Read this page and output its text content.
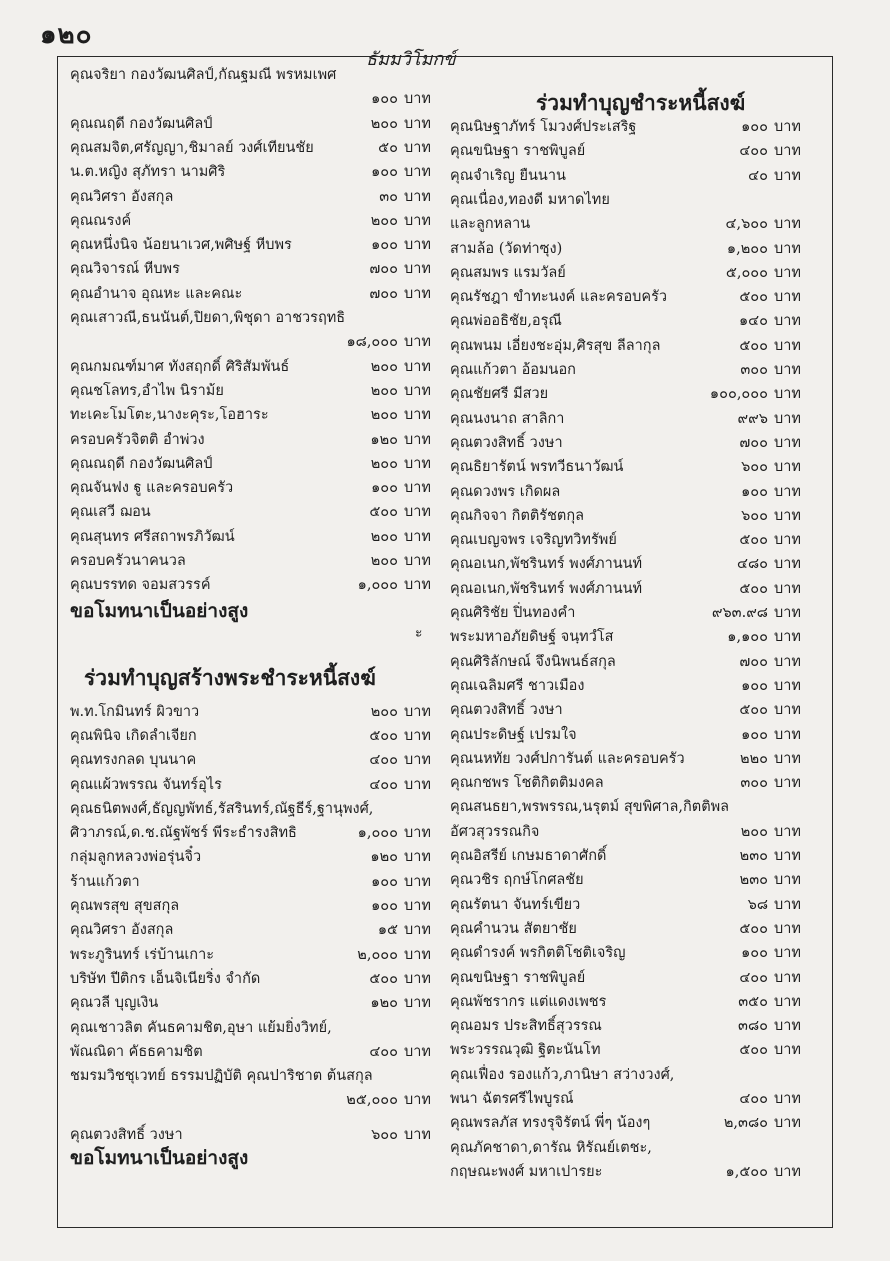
๑๒๐
ธัมมวิโมกข์
คุณจริยา กองวัฒนศิลป์,กัณฐมณี พรหมเพศ
๑๐๐ บาท
คุณณฤดี กองวัฒนศิลป์	๒๐๐ บาท
คุณสมจิต,ศรัญญา,ชิมาลย์ วงศ์เทียนชัย	๕๐ บาท
น.ต.หญิง สุภัทรา นามศิริ	๑๐๐ บาท
คุณวิศรา อังสกุล	๓๐ บาท
คุณณรงค์	๒๐๐ บาท
คุณหนึ่งนิจ น้อยนาเวศ,พศิษฐ์ หีบพร	๑๐๐ บาท
คุณวิจารณ์ หีบพร	๗๐๐ บาท
คุณอำนาจ อุณหะ และคณะ	๗๐๐ บาท
คุณเสาวณี,ธนนันต์,ปิยดา,พิชุดา อาชวรฤทธิ
๑๘,๐๐๐ บาท
คุณกมณฑ์มาศ ทังสฤกดิ์ ศิริสัมพันธ์	๒๐๐ บาท
คุณชโลทร,อำไพ นิราม้ย	๒๐๐ บาท
ทะเคะโมโตะ,นางะคุระ,โอฮาระ	๒๐๐ บาท
ครอบครัวจิตติ อำพ่วง	๑๒๐ บาท
คุณณฤดี กองวัฒนศิลป์	๒๐๐ บาท
คุณจันฟง ฐู และครอบครัว	๑๐๐ บาท
คุณเสวี ฌอน	๕๐๐ บาท
คุณสุนทร ศรีสถาพรภิวัฒน์	๒๐๐ บาท
ครอบครัวนาคนวล	๒๐๐ บาท
คุณบรรทด จอมสวรรค์	๑,๐๐๐ บาท
ขอโมทนาเป็นอย่างสูง
ะ
ร่วมทำบุญสร้างพระชำระหนี้สงฆ์
พ.ท.โกมินทร์ ผิวขาว	๒๐๐ บาท
คุณพินิจ เกิดลำเจียก	๕๐๐ บาท
คุณทรงกลด บุนนาค	๔๐๐ บาท
คุณแผ้วพรรณ จันทร์อุไร	๔๐๐ บาท
คุณธนิตพงศ์,ธัญญพัทธ์,รัสรินทร์,ณัฐธีร์,ฐานุพงศ์,
ศิวาภรณ์,ด.ช.ณัฐพัชร์ พีระธำรงสิทธิ	๑,๐๐๐ บาท
กลุ่มลูกหลวงพ่อรุ่นจิ๋ว	๑๒๐ บาท
ร้านแก้วตา	๑๐๐ บาท
คุณพรสุข สุขสกุล	๑๐๐ บาท
คุณวิศรา อังสกุล	๑๕ บาท
พระภูรินทร์ เร่บ้านเกาะ	๒,๐๐๐ บาท
บริษัท ปีติกร เอ็นจิเนียริ่ง จำกัด	๕๐๐ บาท
คุณวลี บุญเงิน	๑๒๐ บาท
คุณเชาวลิต คันธคามชิต,อุษา แย้มยิ่งวิทย์,
พัณณิดา คัธธคามชิต	๔๐๐ บาท
ชมรมวิชชุเวทย์ ธรรมปฏิบัติ คุณปาริชาต ต้นสกุล
๒๕,๐๐๐ บาท
คุณตวงสิทธิ์ วงษา	๖๐๐ บาท
ขอโมทนาเป็นอย่างสูง
ร่วมทำบุญชำระหนี้สงฆ์
คุณนิษฐาภัทร์ โมวงศ์ประเสริฐ	๑๐๐ บาท
คุณขนิษฐา ราชพิบูลย์	๔๐๐ บาท
คุณจำเริญ ยืนนาน	๔๐ บาท
คุณเนื่อง,ทองดี มหาดไทย
และลูกหลาน	๔,๖๐๐ บาท
สามล้อ (วัดท่าซุง)	๑,๒๐๐ บาท
คุณสมพร แรมวัลย์	๕,๐๐๐ บาท
คุณรัชฎา ขำทะนงค์ และครอบครัว	๕๐๐ บาท
คุณพ่ออธิชัย,อรุณี	๑๔๐ บาท
คุณพนม เอี่ยงชะอุ่ม,ศิรสุข ลีลากุล	๕๐๐ บาท
คุณแก้วตา อ้อมนอก	๓๐๐ บาท
คุณชัยศรี มีสวย	๑๐๐,๐๐๐ บาท
คุณนงนาถ สาลิกา	๙๙๖ บาท
คุณตวงสิทธิ์ วงษา	๗๐๐ บาท
คุณธิยารัตน์ พรทวีธนาวัฒน์	๖๐๐ บาท
คุณดวงพร เกิดผล	๑๐๐ บาท
คุณกิจจา กิตติรัชตกุล	๖๐๐ บาท
คุณเบญจพร เจริญทวิทรัพย์	๕๐๐ บาท
คุณอเนก,พัชรินทร์ พงศ์ภานนท์	๔๘๐ บาท
คุณอเนก,พัชรินทร์ พงศ์ภานนท์	๕๐๐ บาท
คุณศิริชัย ปิ่นทองคำ	๙๖๓.๙๘ บาท
พระมหาอภัยดิษฐ์ จนฺทวํโส	๑,๑๐๐ บาท
คุณศิริลักษณ์ จึงนิพนธ์สกุล	๗๐๐ บาท
คุณเฉลิมศรี ชาวเมือง	๑๐๐ บาท
คุณตวงสิทธิ์ วงษา	๕๐๐ บาท
คุณประดิษฐ์ เปรมใจ	๑๐๐ บาท
คุณนหทัย วงศ์ปการันต์ และครอบครัว	๒๒๐ บาท
คุณกชพร โชติกิตติมงคล	๓๐๐ บาท
คุณสนธยา,พรพรรณ,นรุตม์ สุขพิศาล,กิตติพล
อัศวสุวรรณกิจ	๒๐๐ บาท
คุณอิสรีย์ เกษมธาดาศักดิ์	๒๓๐ บาท
คุณวชิร ฤกษ์โกศลชัย	๒๓๐ บาท
คุณรัตนา จันทร์เขียว	๖๘ บาท
คุณคำนวน สัตยาชัย	๕๐๐ บาท
คุณดำรงค์ พรกิตติโชติเจริญ	๑๐๐ บาท
คุณขนิษฐา ราชพิบูลย์	๔๐๐ บาท
คุณพัชรากร แต่แดงเพชร	๓๕๐ บาท
คุณอมร ประสิทธิ์สุวรรณ	๓๘๐ บาท
พระวรรณวุฒิ ฐิตะนันโท	๕๐๐ บาท
คุณเฟื่อง รองแก้ว,ภานิษา สว่างวงศ์,
พนา ฉัตรศรีไพบูรณ์	๔๐๐ บาท
คุณพรลภัส ทรงรุจิรัตน์ พี่ๆ น้องๆ	๒,๓๘๐ บาท
คุณภัคชาดา,ดารัณ หิรัณย์เตชะ,
กฤษณะพงศ์ มหาเปารยะ	๑,๕๐๐ บาท
